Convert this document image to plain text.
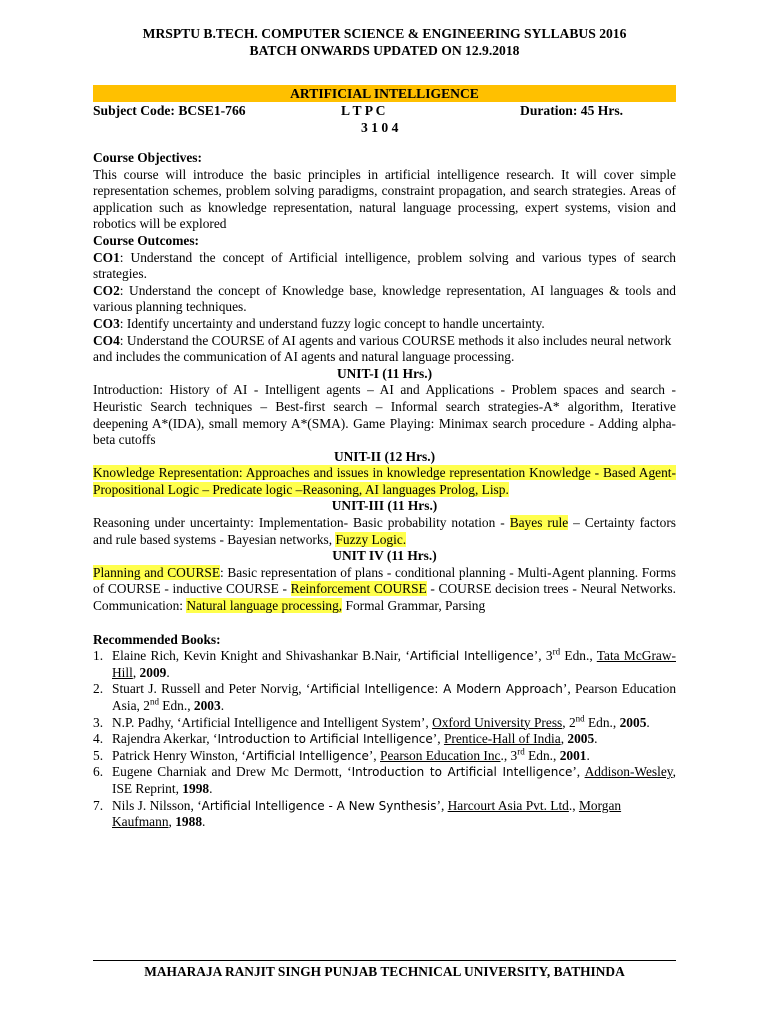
MRSPTU B.TECH. COMPUTER SCIENCE & ENGINEERING SYLLABUS 2016
BATCH ONWARDS UPDATED ON 12.9.2018
ARTIFICIAL INTELLIGENCE
Subject Code: BCSE1-766	L T P C
3 1 0 4
Duration: 45 Hrs.

Course Objectives:

This course will introduce the basic principles in artificial intelligence research. It will cover simple representation schemes, problem solving paradigms, constraint propagation, and search strategies. Areas of application such as knowledge representation, natural language processing, expert systems, vision and robotics will be explored

Course Outcomes:

CO1: Understand the concept of Artificial intelligence, problem solving and various types of search strategies.

CO2: Understand the concept of Knowledge base, knowledge representation, AI languages & tools and various planning techniques.

CO3: Identify uncertainty and understand fuzzy logic concept to handle uncertainty.

CO4: Understand the COURSE of AI agents and various COURSE methods it also includes neural network and includes the communication of AI agents and natural language processing.

UNIT-I (11 Hrs.)

Introduction: History of AI - Intelligent agents – AI and Applications - Problem spaces and search - Heuristic Search techniques – Best-first search – Informal search strategies-A* algorithm, Iterative deepening A*(IDA), small memory A*(SMA). Game Playing: Minimax search procedure - Adding alpha-beta cutoffs

UNIT-II (12 Hrs.)

Knowledge Representation: Approaches and issues in knowledge representation Knowledge - Based Agent- Propositional Logic – Predicate logic –Reasoning, AI languages Prolog, Lisp.

UNIT-III (11 Hrs.)

Reasoning under uncertainty: Implementation- Basic probability notation - Bayes rule – Certainty factors and rule based systems - Bayesian networks, Fuzzy Logic.

UNIT IV (11 Hrs.)

Planning and COURSE: Basic representation of plans - conditional planning - Multi-Agent planning. Forms of COURSE - inductive COURSE - Reinforcement COURSE - COURSE decision trees - Neural Networks. Communication: Natural language processing, Formal Grammar, Parsing

Recommended Books:

1. Elaine Rich, Kevin Knight and Shivashankar B.Nair, ‘Artificial Intelligence’, 3rd Edn., Tata McGraw-Hill, 2009.
2. Stuart J. Russell and Peter Norvig, ‘Artificial Intelligence: A Modern Approach’, Pearson Education Asia, 2nd Edn., 2003.
3. N.P. Padhy, ‘Artificial Intelligence and Intelligent System’, Oxford University Press, 2nd Edn., 2005.
4. Rajendra Akerkar, ‘Introduction to Artificial Intelligence’, Prentice-Hall of India, 2005.
5. Patrick Henry Winston, ‘Artificial Intelligence’, Pearson Education Inc., 3rd Edn., 2001.
6. Eugene Charniak and Drew Mc Dermott, ‘Introduction to Artificial Intelligence’, Addison-Wesley, ISE Reprint, 1998.
7. Nils J. Nilsson, ‘Artificial Intelligence - A New Synthesis’, Harcourt Asia Pvt. Ltd., Morgan Kaufmann, 1988.
MAHARAJA RANJIT SINGH PUNJAB TECHNICAL UNIVERSITY, BATHINDA
